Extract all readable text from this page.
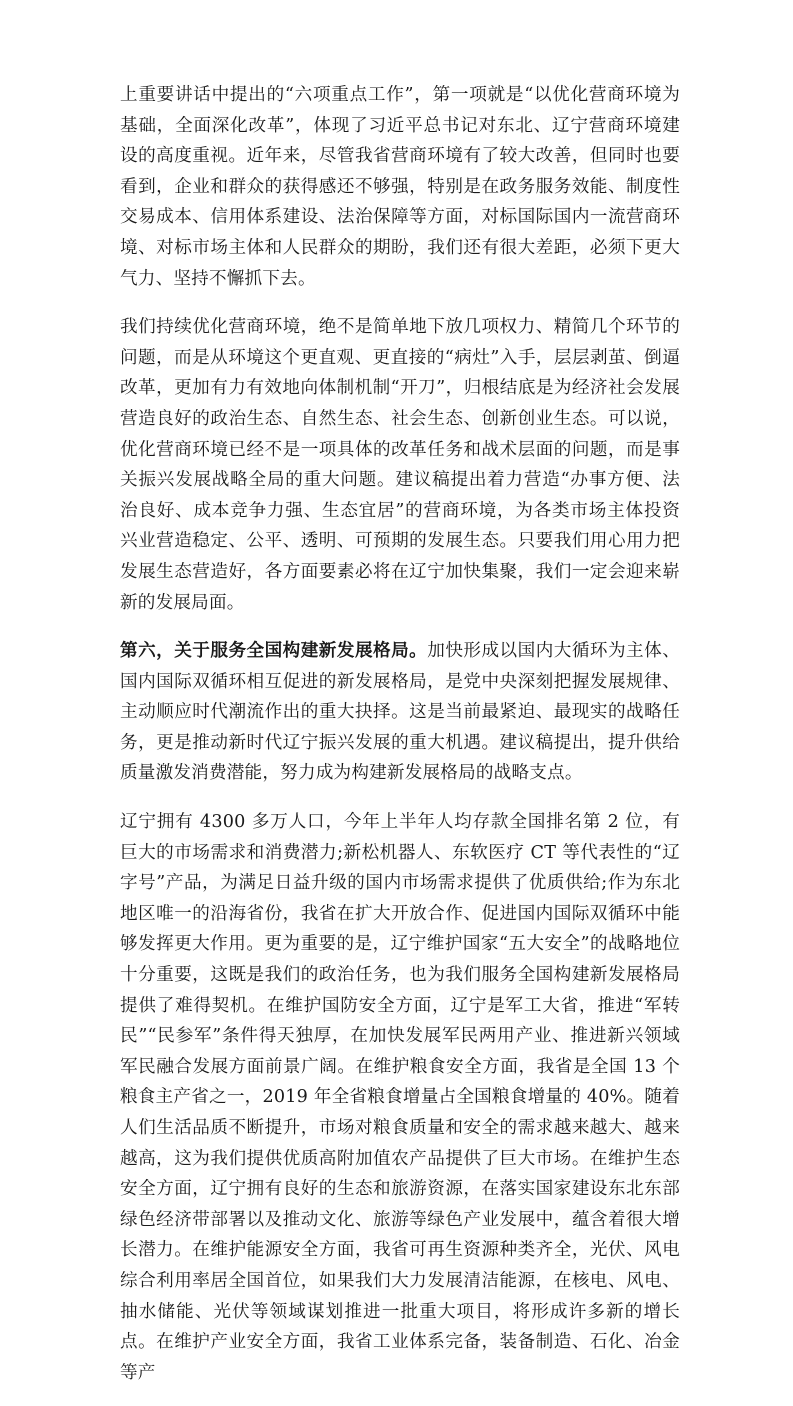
上重要讲话中提出的“六项重点工作”，第一项就是“以优化营商环境为基础，全面深化改革”，体现了习近平总书记对东北、辽宁营商环境建设的高度重视。近年来，尽管我省营商环境有了较大改善，但同时也要看到，企业和群众的获得感还不够强，特别是在政务服务效能、制度性交易成本、信用体系建设、法治保障等方面，对标国际国内一流营商环境、对标市场主体和人民群众的期盼，我们还有很大差距，必须下更大气力、坚持不懈抓下去。

我们持续优化营商环境，绝不是简单地下放几项权力、精简几个环节的问题，而是从环境这个更直观、更直接的“病灶”入手，层层剥茧、倒逼改革，更加有力有效地向体制机制“开刀”，归根结底是为经济社会发展营造良好的政治生态、自然生态、社会生态、创新创业生态。可以说，优化营商环境已经不是一项具体的改革任务和战术层面的问题，而是事关振兴发展战略全局的重大问题。建议稿提出着力营造“办事方便、法治良好、成本竞争力强、生态宜居”的营商环境，为各类市场主体投资兴业营造稳定、公平、透明、可预期的发展生态。只要我们用心用力把发展生态营造好，各方面要素必将在辽宁加快集聚，我们一定会迎来崭新的发展局面。

第六，关于服务全国构建新发展格局。加快形成以国内大循环为主体、国内国际双循环相互促进的新发展格局，是党中央深刻把握发展规律、主动顺应时代潮流作出的重大抉择。这是当前最紧迫、最现实的战略任务，更是推动新时代辽宁振兴发展的重大机遇。建议稿提出，提升供给质量激发消费潜能，努力成为构建新发展格局的战略支点。

辽宁拥有 4300 多万人口，今年上半年人均存款全国排名第 2 位，有巨大的市场需求和消费潜力;新松机器人、东软医疗 CT 等代表性的“辽字号”产品，为满足日益升级的国内市场需求提供了优质供给;作为东北地区唯一的沿海省份，我省在扩大开放合作、促进国内国际双循环中能够发挥更大作用。更为重要的是，辽宁维护国家“五大安全”的战略地位十分重要，这既是我们的政治任务，也为我们服务全国构建新发展格局提供了难得契机。在维护国防安全方面，辽宁是军工大省，推进“军转民”“民参军”条件得天独厚，在加快发展军民两用产业、推进新兴领域军民融合发展方面前景广阔。在维护粮食安全方面，我省是全国 13 个粮食主产省之一，2019 年全省粮食增量占全国粮食增量的 40%。随着人们生活品质不断提升，市场对粮食质量和安全的需求越来越大、越来越高，这为我们提供优质高附加值农产品提供了巨大市场。在维护生态安全方面，辽宁拥有良好的生态和旅游资源，在落实国家建设东北东部绿色经济带部署以及推动文化、旅游等绿色产业发展中，蕴含着很大增长潜力。在维护能源安全方面，我省可再生资源种类齐全，光伏、风电综合利用率居全国首位，如果我们大力发展清洁能源，在核电、风电、抽水储能、光伏等领域谋划推进一批重大项目，将形成许多新的增长点。在维护产业安全方面，我省工业体系完备，装备制造、石化、冶金等产
